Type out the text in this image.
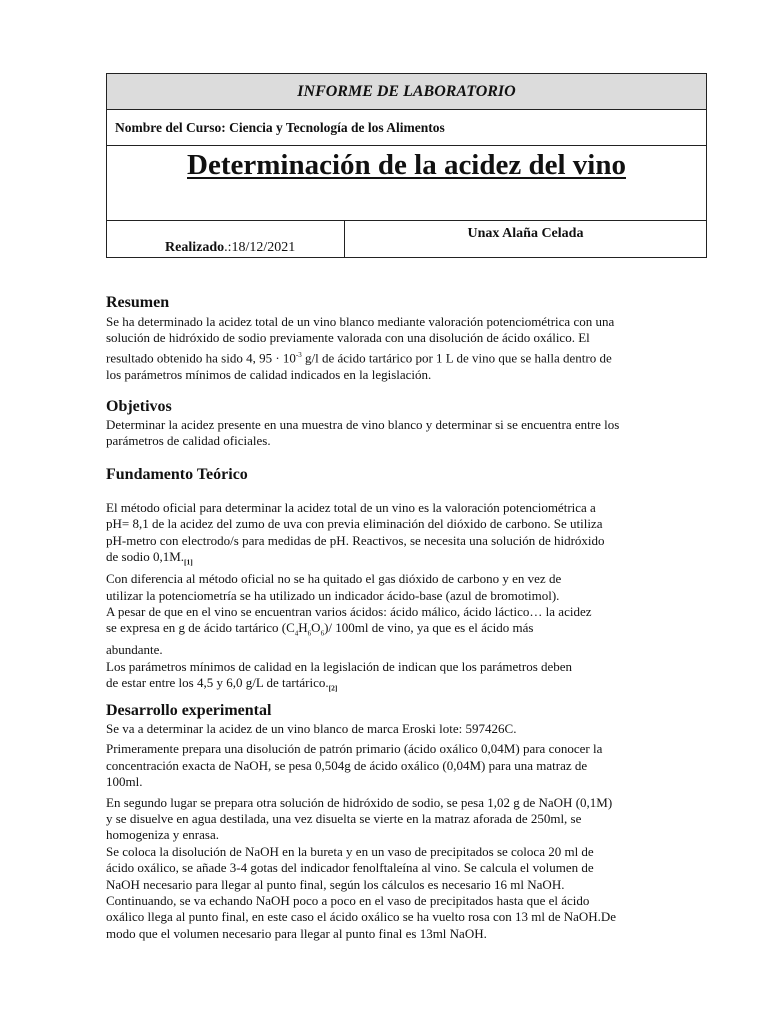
INFORME DE LABORATORIO
Nombre del Curso: Ciencia y Tecnología de los Alimentos
Determinación de la acidez del vino
Realizado.:18/12/2021
Unax Alaña Celada
Resumen

Se ha determinado la acidez total de un vino blanco mediante valoración potenciométrica con una

solución de hidróxido de sodio previamente valorada con una disolución de ácido oxálico. El

resultado obtenido ha sido 4, $95 \cdot 10^{-3}$ g/l de ácido tartárico por 1 L de vino que se halla dentro de

los parámetros mínimos de calidad indicados en la legislación.

Objetivos

Determinar la acidez presente en una muestra de vino blanco y determinar si se encuentra entre los

parámetros de calidad oficiales.

Fundamento Teórico

El método oficial para determinar la acidez total de un vino es la valoración potenciométrica a

pH= 8,1 de la acidez del zumo de uva con previa eliminación del dióxido de carbono. Se utiliza

pH-metro con electrodo/s para medidas de pH. Reactivos, se necesita una solución de hidróxido

de sodio $0,1M._{[1]}$

Con diferencia al método oficial no se ha quitado el gas dióxido de carbono y en vez de

utilizar la potenciometría se ha utilizado un indicador ácido-base (azul de bromotimol).

A pesar de que en el vino se encuentran varios ácidos: ácido málico, ácido láctico… la acidez

se expresa en g de ácido tartárico $(C_4H_6O_6)/$ 100ml de vino, ya que es el ácido más

abundante.

Los parámetros mínimos de calidad en la legislación de indican que los parámetros deben

de estar entre los 4,5 y 6,0 g/L de $tartárico._{[2]}$

Desarrollo experimental

Se va a determinar la acidez de un vino blanco de marca Eroski lote: 597426C.

Primeramente prepara una disolución de patrón primario (ácido oxálico 0,04M) para conocer la

concentración exacta de NaOH, se pesa 0,504g de ácido oxálico (0,04M) para una matraz de

100ml.

En segundo lugar se prepara otra solución de hidróxido de sodio, se pesa 1,02 g de NaOH (0,1M)

y se disuelve en agua destilada, una vez disuelta se vierte en la matraz aforada de 250ml, se

homogeniza y enrasa.

Se coloca la disolución de NaOH en la bureta y en un vaso de precipitados se coloca 20 ml de

ácido oxálico, se añade 3-4 gotas del indicador fenolftaleína al vino. Se calcula el volumen de

NaOH necesario para llegar al punto final, según los cálculos es necesario 16 ml NaOH.

Continuando, se va echando NaOH poco a poco en el vaso de precipitados hasta que el ácido

oxálico llega al punto final, en este caso el ácido oxálico se ha vuelto rosa con 13 ml de NaOH.De

modo que el volumen necesario para llegar al punto final es 13ml NaOH.
